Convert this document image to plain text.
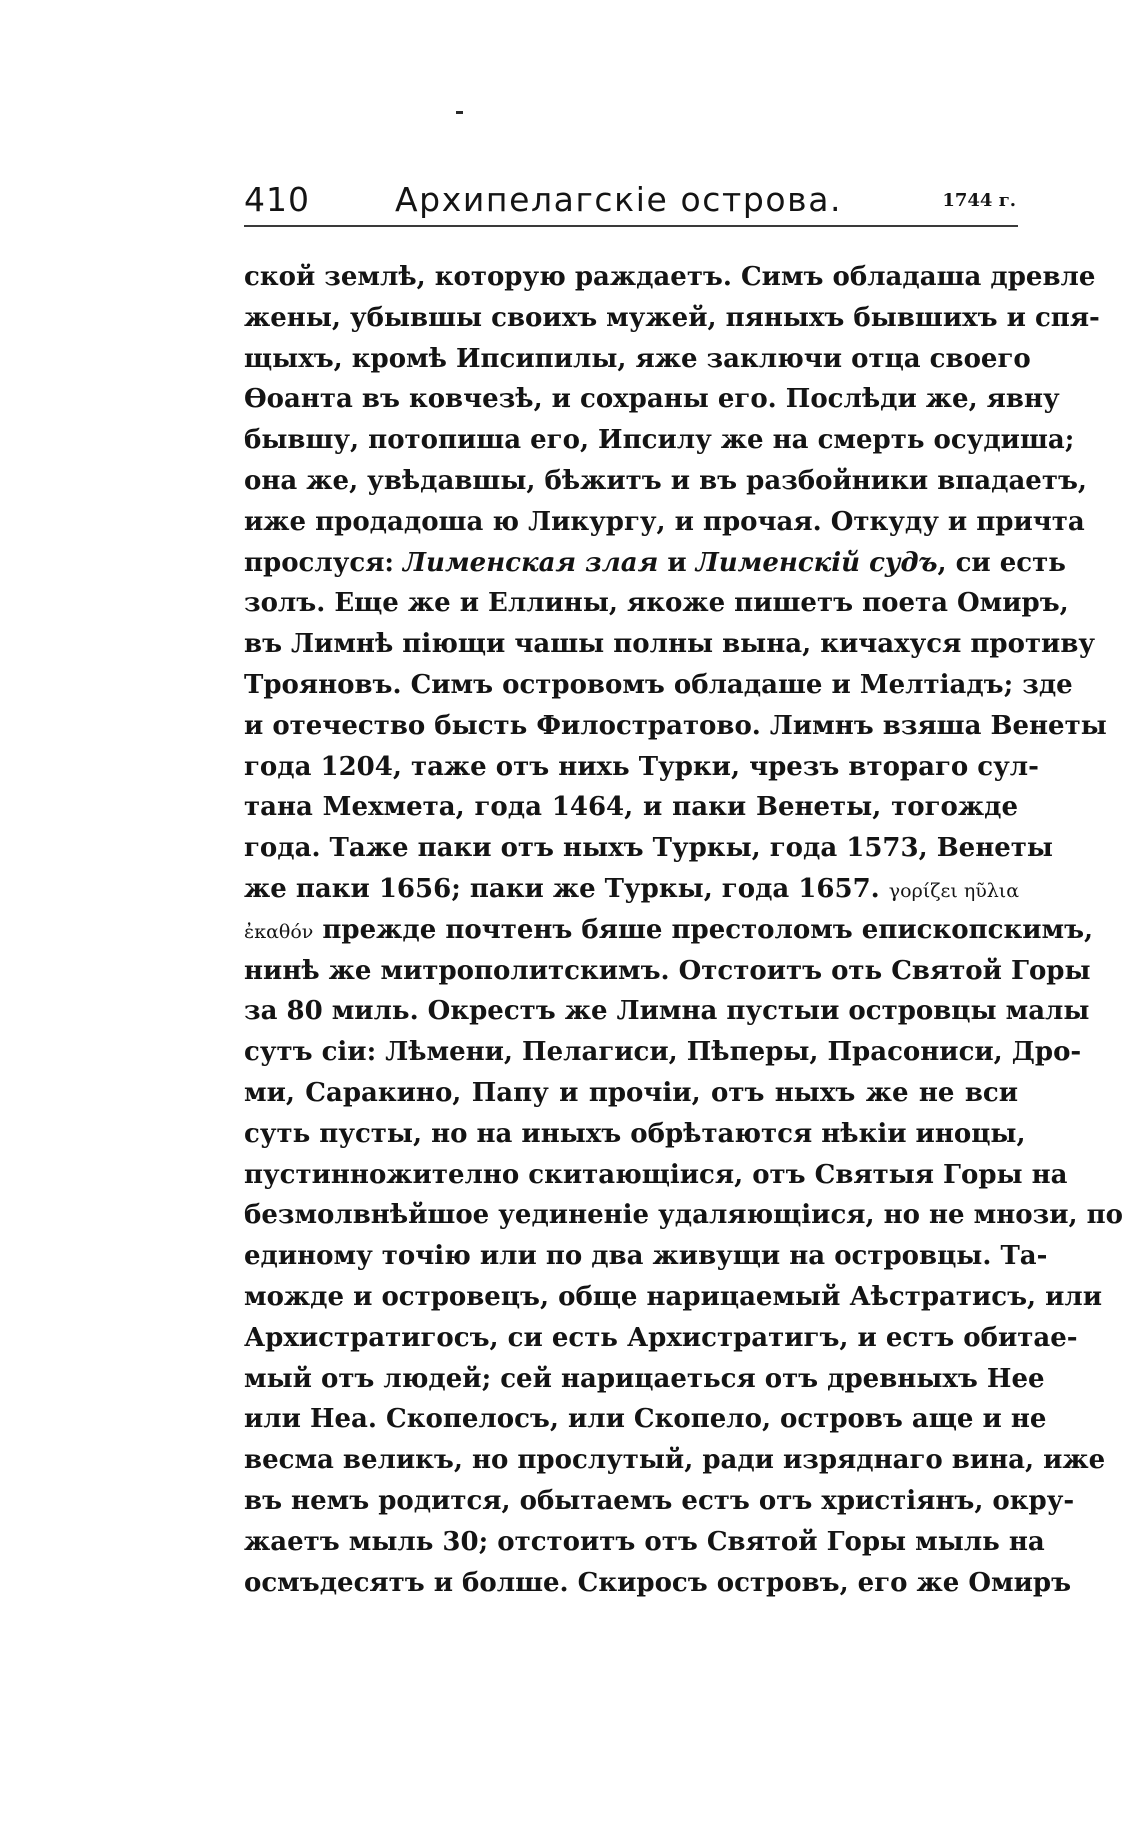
410	Архипелагскіе острова.	1744 г.
ской землѣ, которую раждаетъ. Симъ обладаша древле
жены, убывшы своихъ мужей, пяныхъ бывшихъ и спя-
щыхъ, кромѣ Ипсипилы, яже заключи отца своего
Ѳоанта въ ковчезѣ, и сохраны его. Послѣди же, явну
бывшу, потопиша его, Ипсилу же на смерть осудиша;
она же, увѣдавшы, бѣжитъ и въ разбойники впадаетъ,
иже продадоша ю Ликургу, и прочая. Откуду и причта
прослуся: Лименская злая и Лименскій судъ, си есть
золъ. Еще же и Еллины, якоже пишетъ поета Омиръ,
въ Лимнѣ піющи чашы полны вына, кичахуся противу
Трояновъ. Симъ островомъ обладаше и Мелтіадъ; зде
и отечество бысть Филостратово. Лимнъ взяша Венеты
года 1204, таже отъ нихь Турки, чрезъ втораго сул-
тана Мехмета, года 1464, и паки Венеты, тогожде
года. Таже паки отъ ныхъ Туркы, года 1573, Венеты
же паки 1656; паки же Туркы, года 1657. γορίζει ηῦλια
ἐκαθόν прежде почтенъ бяше престоломъ епископскимъ,
нинѣ же митрополитскимъ. Отстоитъ оть Святой Горы
за 80 миль. Окрестъ же Лимна пустыи островцы малы
сутъ сіи: Лѣмени, Пелагиси, Пѣперы, Прасониси, Дро-
ми, Саракино, Папу и прочіи, отъ ныхъ же не вси
суть пусты, но на иныхъ обрѣтаются нѣкіи иноцы,
пустинножително скитающіися, отъ Святыя Горы на
безмолвнѣйшое уединеніе удаляющіися, но не мнози, по
единому точію или по два живущи на островцы. Та-
можде и островецъ, обще нарицаемый Аѣстратисъ, или
Архистратигосъ, си есть Архистратигъ, и естъ обитае-
мый отъ людей; сей нарицаеться отъ древныхъ Нее
или Неа. Скопелосъ, или Скопело, островъ аще и не
весма великъ, но прослутый, ради изряднаго вина, иже
въ немъ родится, обытаемъ естъ отъ христіянъ, окру-
жаетъ мыль 30; отстоитъ отъ Святой Горы мыль на
осмъдесятъ и болше. Скиросъ островъ, его же Омиръ
